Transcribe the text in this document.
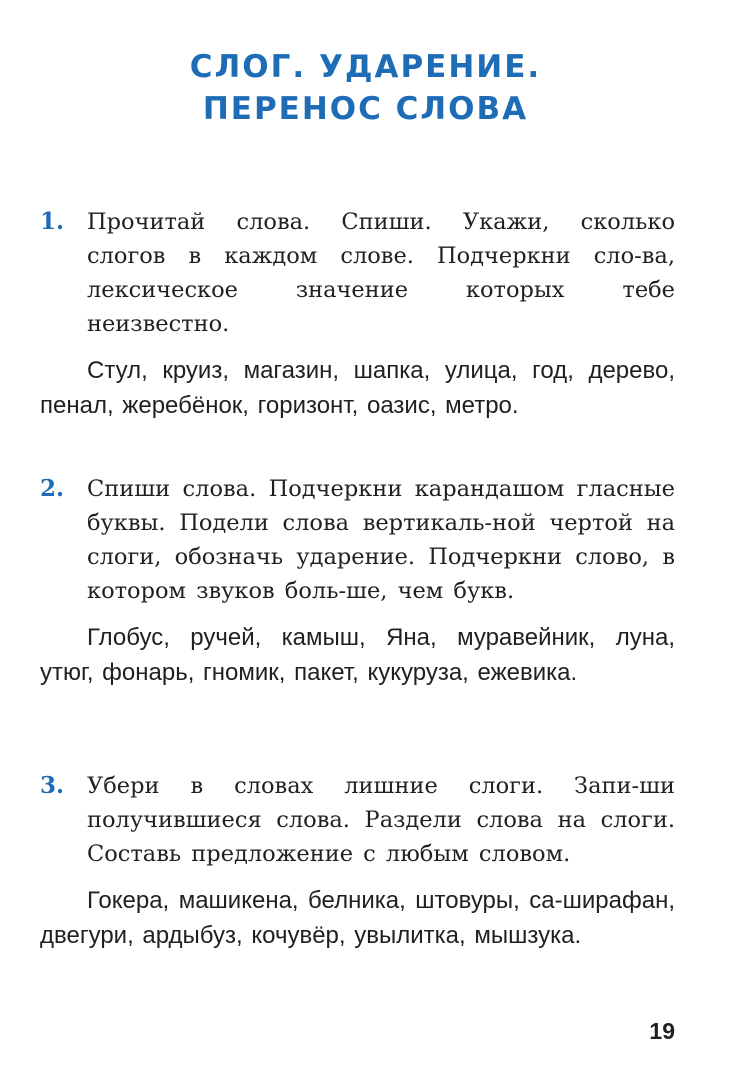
СЛОГ. УДАРЕНИЕ.
ПЕРЕНОС СЛОВА
1. Прочитай слова. Спиши. Укажи, сколько слогов в каждом слове. Подчеркни сло-ва, лексическое значение которых тебе неизвестно.
Стул, круиз, магазин, шапка, улица, год, дерево, пенал, жеребёнок, горизонт, оазис, метро.
2. Спиши слова. Подчеркни карандашом гласные буквы. Подели слова вертикаль-ной чертой на слоги, обозначь ударение. Подчеркни слово, в котором звуков боль-ше, чем букв.
Глобус, ручей, камыш, Яна, муравейник, луна, утюг, фонарь, гномик, пакет, кукуруза, ежевика.
3. Убери в словах лишние слоги. Запи-ши получившиеся слова. Раздели слова на слоги. Составь предложение с любым словом.
Гокера, машикена, белника, штовуры, са-ширафан, двегури, ардыбуз, кочувёр, увылитка, мышзука.
19
